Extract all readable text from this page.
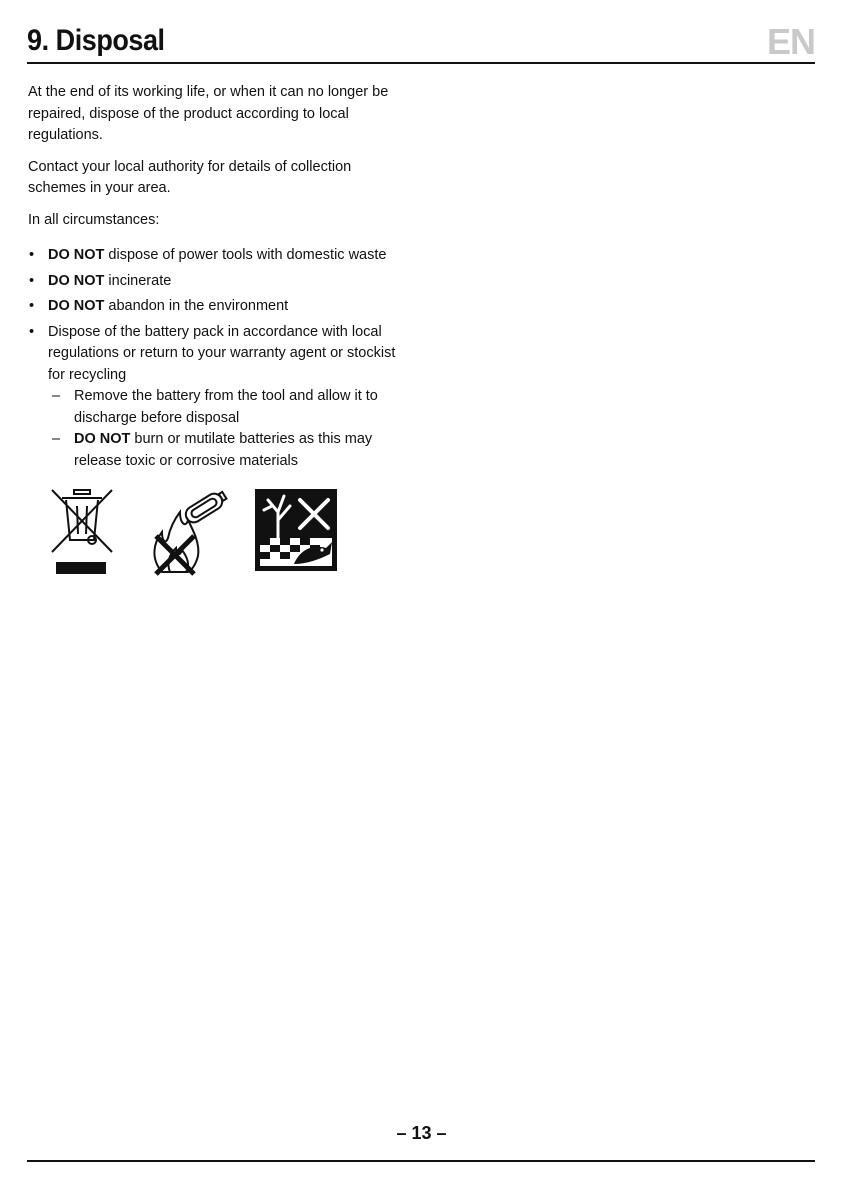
9. Disposal	EN

At the end of its working life, or when it can no longer be repaired, dispose of the product according to local regulations.

Contact your local authority for details of collection schemes in your area.

In all circumstances:

• DO NOT dispose of power tools with domestic waste
• DO NOT incinerate
• DO NOT abandon in the environment
• Dispose of the battery pack in accordance with local regulations or return to your warranty agent or stockist for recycling
– Remove the battery from the tool and allow it to discharge before disposal
– DO NOT burn or mutilate batteries as this may release toxic or corrosive materials
– 13 –
